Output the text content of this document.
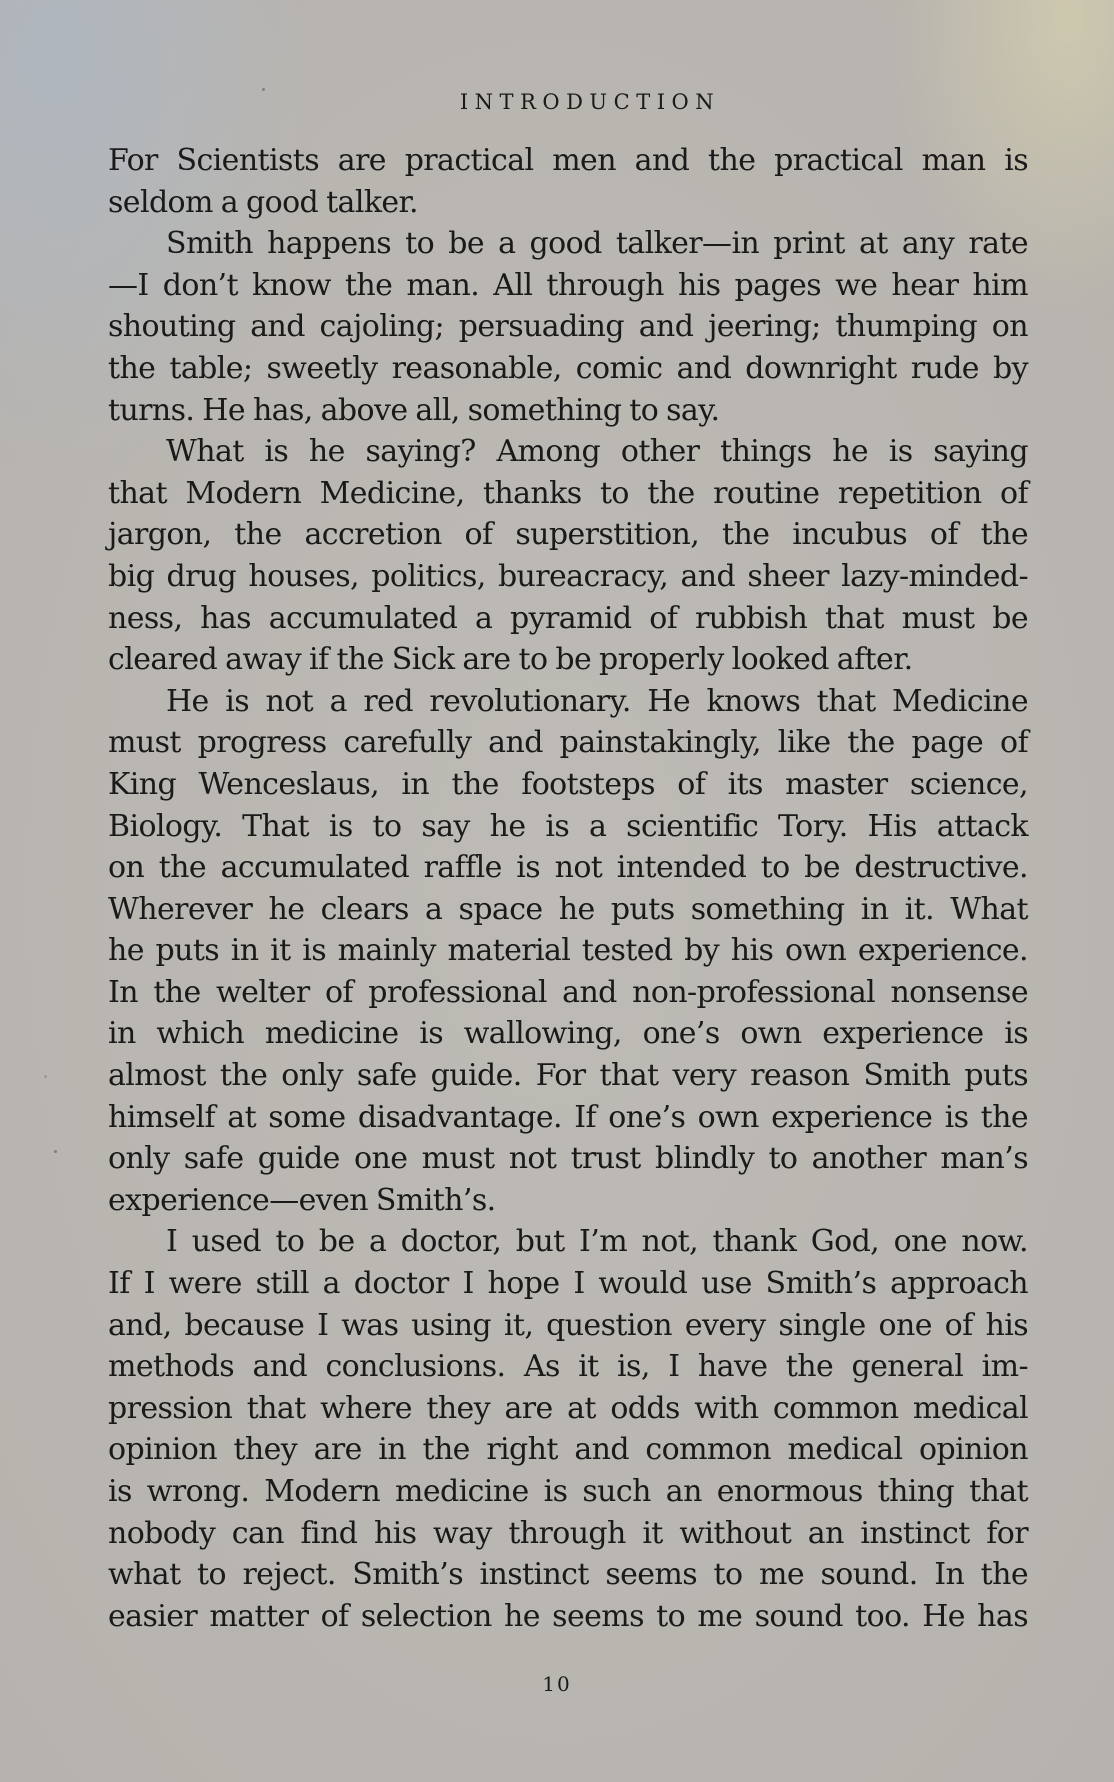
INTRODUCTION
For Scientists are practical men and the practical man is
seldom a good talker.
Smith happens to be a good talker—in print at any rate
—I don’t know the man. All through his pages we hear him
shouting and cajoling; persuading and jeering; thumping on
the table; sweetly reasonable, comic and downright rude by
turns. He has, above all, something to say.
What is he saying? Among other things he is saying
that Modern Medicine, thanks to the routine repetition of
jargon, the accretion of superstition, the incubus of the
big drug houses, politics, bureacracy, and sheer lazy-minded-
ness, has accumulated a pyramid of rubbish that must be
cleared away if the Sick are to be properly looked after.
He is not a red revolutionary. He knows that Medicine
must progress carefully and painstakingly, like the page of
King Wenceslaus, in the footsteps of its master science,
Biology. That is to say he is a scientific Tory. His attack
on the accumulated raffle is not intended to be destructive.
Wherever he clears a space he puts something in it. What
he puts in it is mainly material tested by his own experience.
In the welter of professional and non-professional nonsense
in which medicine is wallowing, one’s own experience is
almost the only safe guide. For that very reason Smith puts
himself at some disadvantage. If one’s own experience is the
only safe guide one must not trust blindly to another man’s
experience—even Smith’s.
I used to be a doctor, but I’m not, thank God, one now.
If I were still a doctor I hope I would use Smith’s approach
and, because I was using it, question every single one of his
methods and conclusions. As it is, I have the general im-
pression that where they are at odds with common medical
opinion they are in the right and common medical opinion
is wrong. Modern medicine is such an enormous thing that
nobody can find his way through it without an instinct for
what to reject. Smith’s instinct seems to me sound. In the
easier matter of selection he seems to me sound too. He has
10
